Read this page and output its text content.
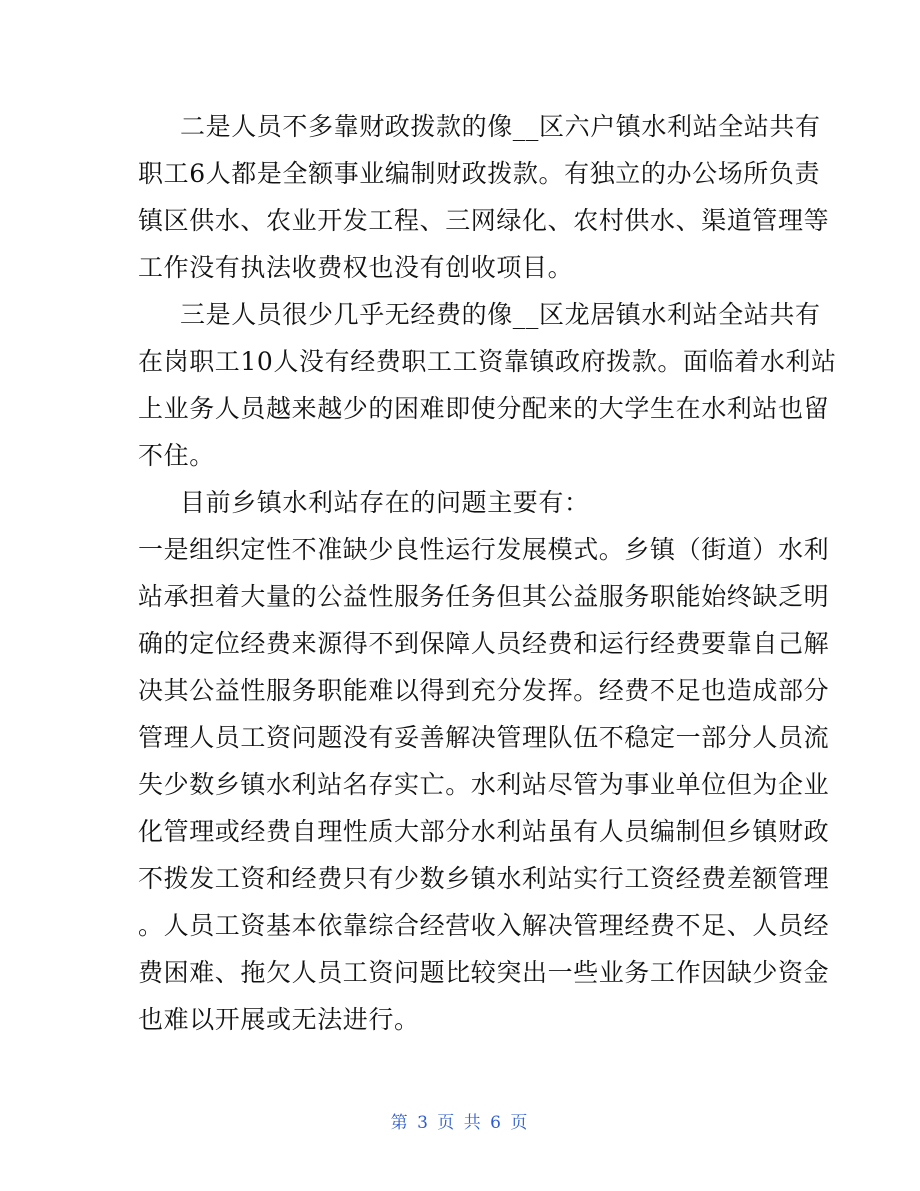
二是人员不多靠财政拨款的像__区六户镇水利站全站共有
职工6人都是全额事业编制财政拨款。有独立的办公场所负责
镇区供水、农业开发工程、三网绿化、农村供水、渠道管理等
工作没有执法收费权也没有创收项目。
三是人员很少几乎无经费的像__区龙居镇水利站全站共有
在岗职工10人没有经费职工工资靠镇政府拨款。面临着水利站
上业务人员越来越少的困难即使分配来的大学生在水利站也留
不住。
目前乡镇水利站存在的问题主要有：
一是组织定性不准缺少良性运行发展模式。乡镇（街道）水利
站承担着大量的公益性服务任务但其公益服务职能始终缺乏明
确的定位经费来源得不到保障人员经费和运行经费要靠自己解
决其公益性服务职能难以得到充分发挥。经费不足也造成部分
管理人员工资问题没有妥善解决管理队伍不稳定一部分人员流
失少数乡镇水利站名存实亡。水利站尽管为事业单位但为企业
化管理或经费自理性质大部分水利站虽有人员编制但乡镇财政
不拨发工资和经费只有少数乡镇水利站实行工资经费差额管理
。人员工资基本依靠综合经营收入解决管理经费不足、人员经
费困难、拖欠人员工资问题比较突出一些业务工作因缺少资金
也难以开展或无法进行。
第 3 页 共 6 页
